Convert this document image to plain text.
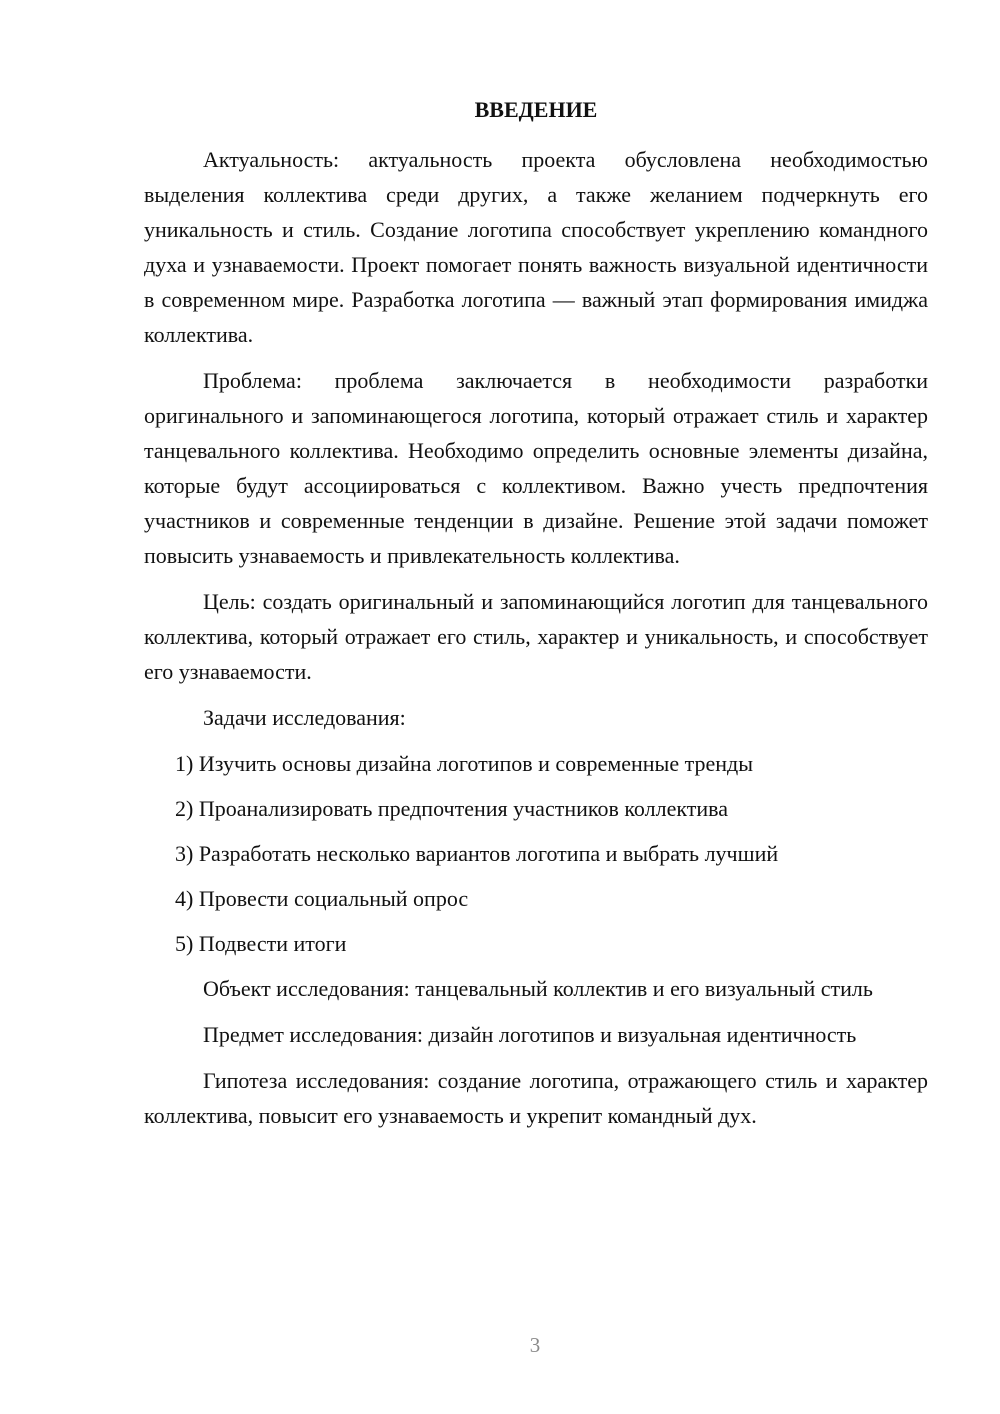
ВВЕДЕНИЕ

Актуальность: актуальность проекта обусловлена необходимостью выделения коллектива среди других, а также желанием подчеркнуть его уникальность и стиль. Создание логотипа способствует укреплению командного духа и узнаваемости. Проект помогает понять важность визуальной идентичности в современном мире. Разработка логотипа — важный этап формирования имиджа коллектива.

Проблема: проблема заключается в необходимости разработки оригинального и запоминающегося логотипа, который отражает стиль и характер танцевального коллектива. Необходимо определить основные элементы дизайна, которые будут ассоциироваться с коллективом. Важно учесть предпочтения участников и современные тенденции в дизайне. Решение этой задачи поможет повысить узнаваемость и привлекательность коллектива.

Цель: создать оригинальный и запоминающийся логотип для танцевального коллектива, который отражает его стиль, характер и уникальность, и способствует его узнаваемости.

Задачи исследования:

1) Изучить основы дизайна логотипов и современные тренды
2) Проанализировать предпочтения участников коллектива
3) Разработать несколько вариантов логотипа и выбрать лучший
4) Провести социальный опрос
5) Подвести итоги

Объект исследования: танцевальный коллектив и его визуальный стиль

Предмет исследования: дизайн логотипов и визуальная идентичность

Гипотеза исследования: создание логотипа, отражающего стиль и характер коллектива, повысит его узнаваемость и укрепит командный дух.

3
